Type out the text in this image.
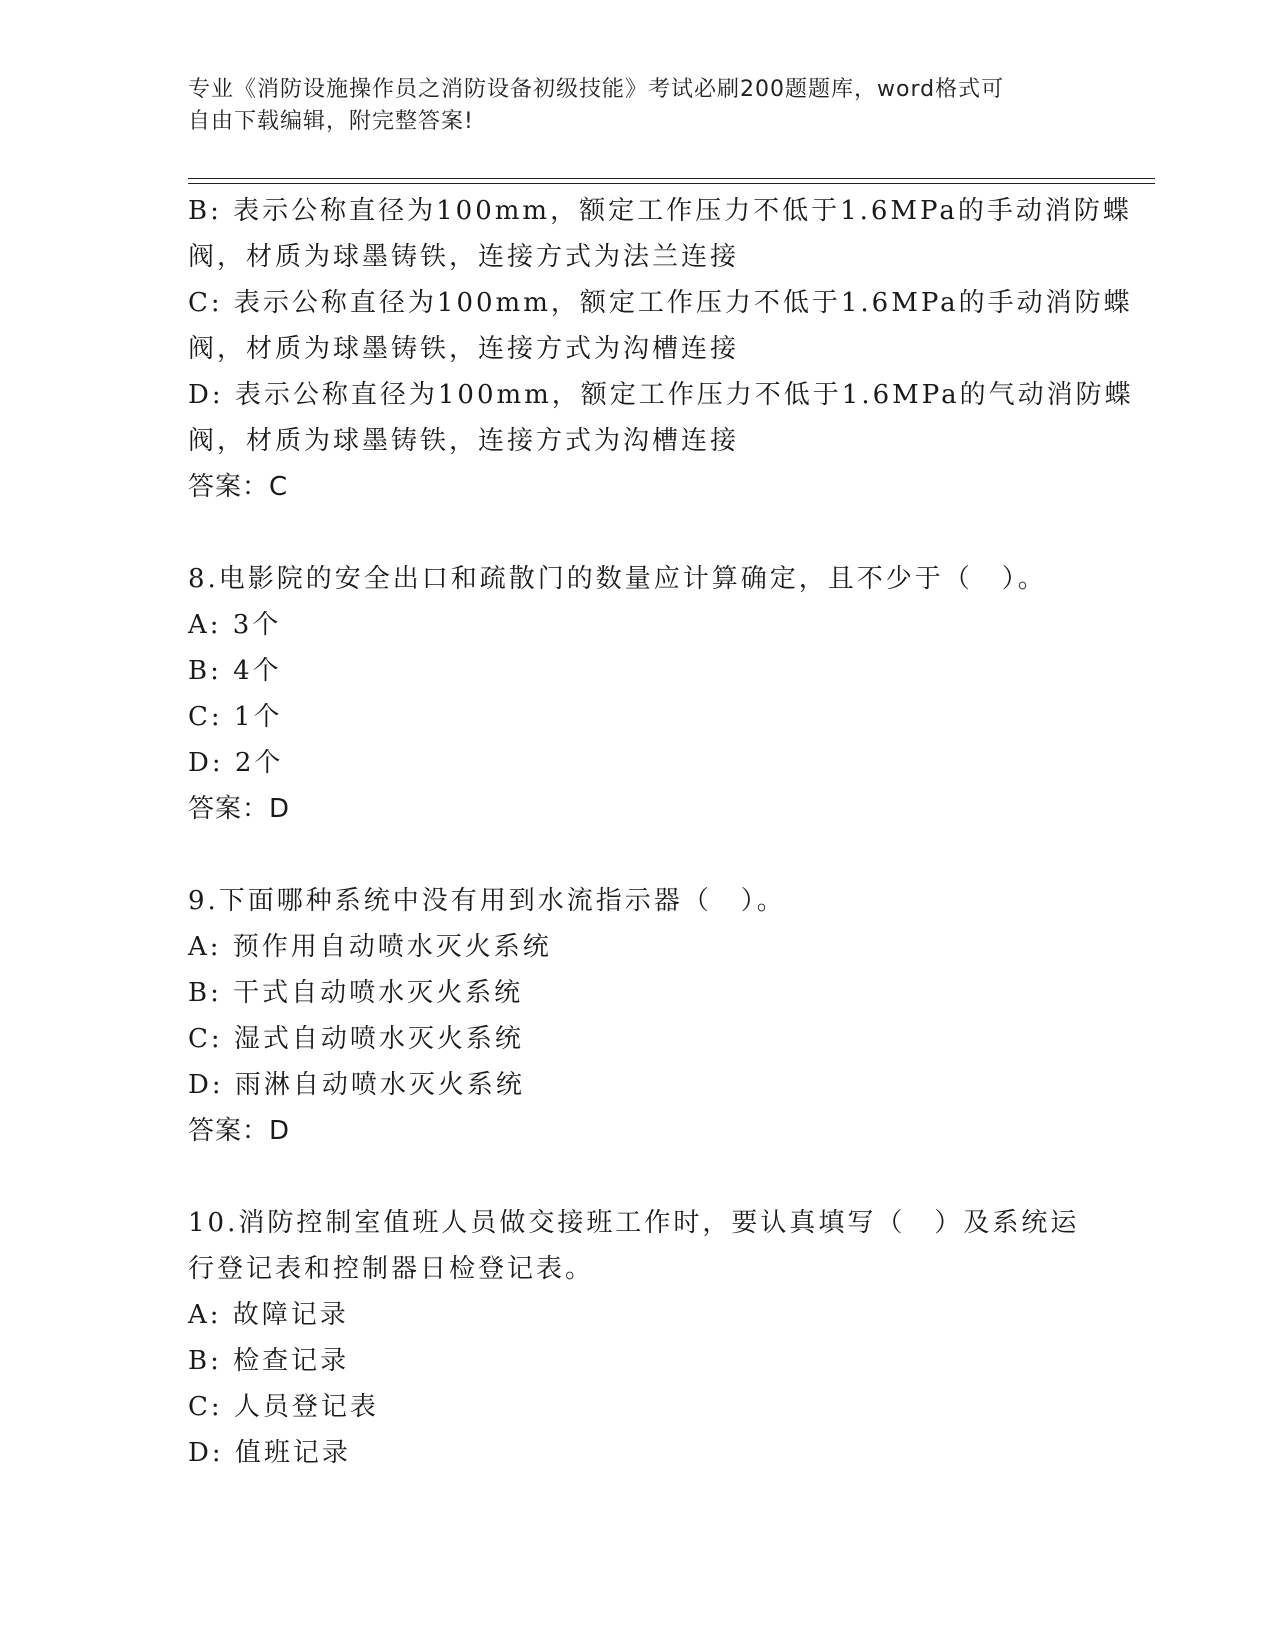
专业《消防设施操作员之消防设备初级技能》考试必刷200题题库，word格式可
自由下载编辑，附完整答案!
B: 表示公称直径为100mm，额定工作压力不低于1.6MPa的手动消防蝶
阀，材质为球墨铸铁，连接方式为法兰连接
C: 表示公称直径为100mm，额定工作压力不低于1.6MPa的手动消防蝶
阀，材质为球墨铸铁，连接方式为沟槽连接
D: 表示公称直径为100mm，额定工作压力不低于1.6MPa的气动消防蝶
阀，材质为球墨铸铁，连接方式为沟槽连接
答案：C
8.电影院的安全出口和疏散门的数量应计算确定，且不少于（　）。
A: 3个
B: 4个
C: 1个
D: 2个
答案：D
9.下面哪种系统中没有用到水流指示器（　）。
A: 预作用自动喷水灭火系统
B: 干式自动喷水灭火系统
C: 湿式自动喷水灭火系统
D: 雨淋自动喷水灭火系统
答案：D
10.消防控制室值班人员做交接班工作时，要认真填写（　）及系统运
行登记表和控制器日检登记表。
A: 故障记录
B: 检查记录
C: 人员登记表
D: 值班记录
